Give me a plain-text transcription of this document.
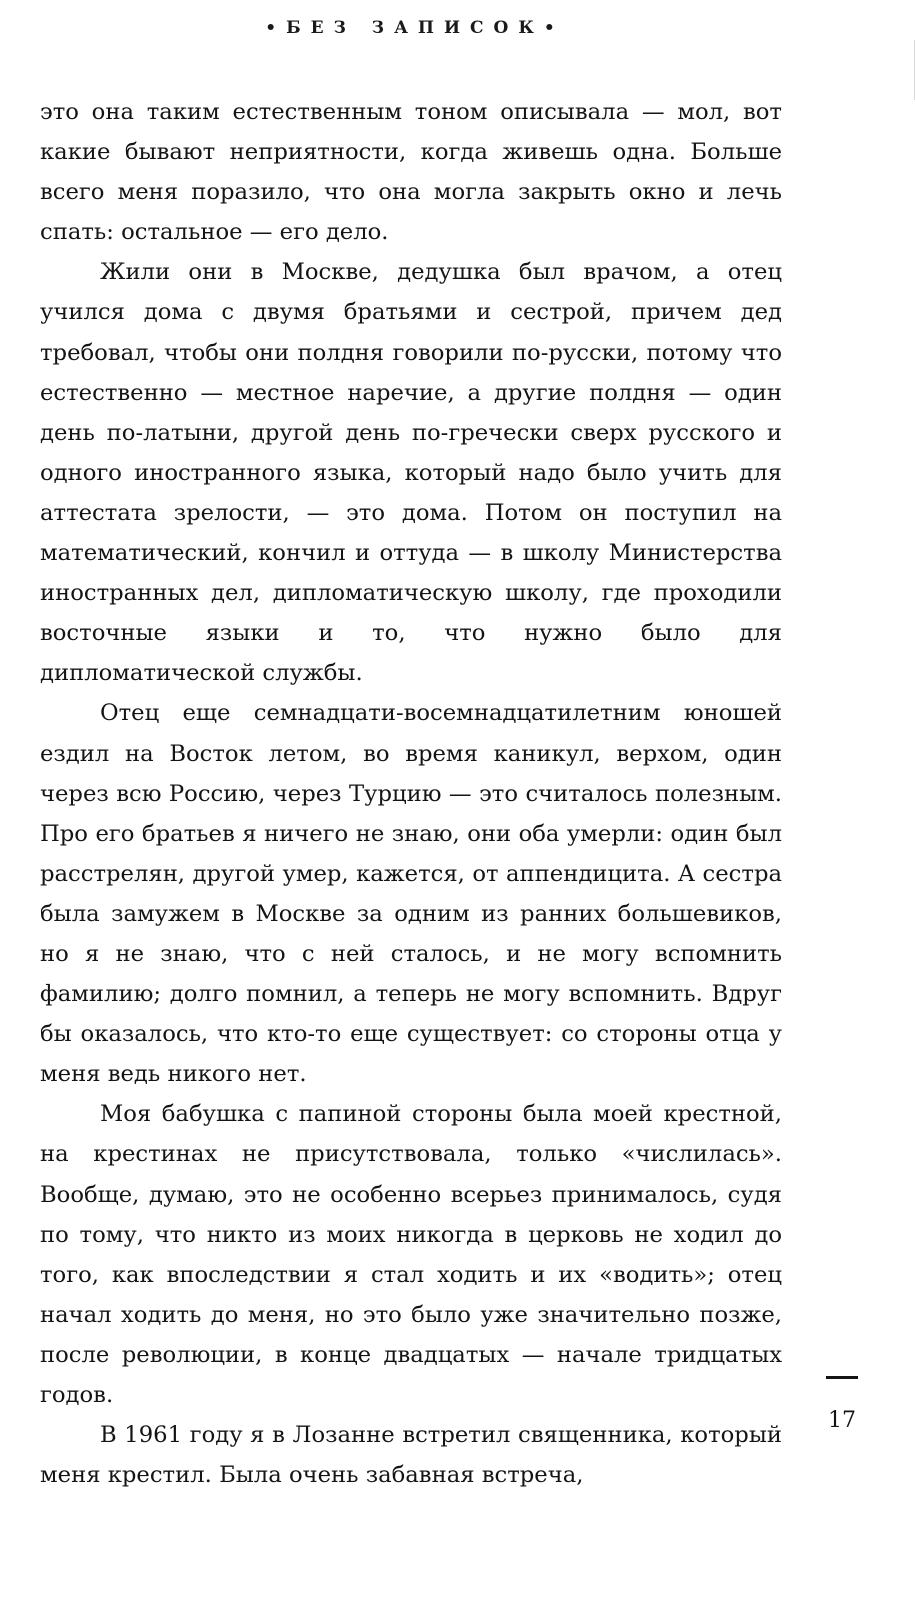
•БЕЗ ЗАПИСОК•

это она таким естественным тоном описывала — мол, вот какие бывают неприятности, когда живешь одна. Больше всего меня поразило, что она могла закрыть окно и лечь спать: остальное — его дело.

Жили они в Москве, дедушка был врачом, а отец учился дома с двумя братьями и сестрой, причем дед требовал, чтобы они полдня говорили по-русски, потому что естественно — местное наречие, а другие полдня — один день по-латыни, другой день по-гречески сверх русского и одного иностранного языка, который надо было учить для аттестата зрелости, — это дома. Потом он поступил на математический, кончил и оттуда — в школу Министерства иностранных дел, дипломатическую школу, где проходили восточные языки и то, что нужно было для дипломатической службы.

Отец еще семнадцати-восемнадцатилетним юношей ездил на Восток летом, во время каникул, верхом, один через всю Россию, через Турцию — это считалось полезным. Про его братьев я ничего не знаю, они оба умерли: один был расстрелян, другой умер, кажется, от аппендицита. А сестра была замужем в Москве за одним из ранних большевиков, но я не знаю, что с ней сталось, и не могу вспомнить фамилию; долго помнил, а теперь не могу вспомнить. Вдруг бы оказалось, что кто-то еще существует: со стороны отца у меня ведь никого нет.

Моя бабушка с папиной стороны была моей крестной, на крестинах не присутствовала, только «числилась». Вообще, думаю, это не особенно всерьез принималось, судя по тому, что никто из моих никогда в церковь не ходил до того, как впоследствии я стал ходить и их «водить»; отец начал ходить до меня, но это было уже значительно позже, после революции, в конце двадцатых — начале тридцатых годов.

В 1961 году я в Лозанне встретил священника, который меня крестил. Была очень забавная встреча,

17
